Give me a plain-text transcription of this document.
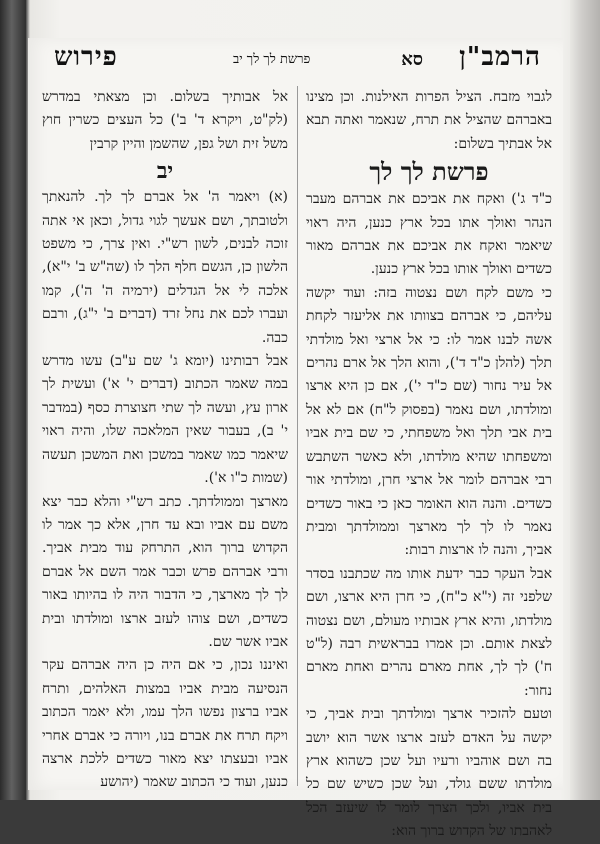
פירוש	פרשת לך לך יב	סא הרמב"ן

לגבוי מזבח. הציל הפרות האילנות. וכן מצינו באברהם שהציל את תרח, שנאמר ואתה תבא אל אבתיך בשלום:

פרשת לך לך

כ"ד ג') ואקח את אביכם את אברהם מעבר הנהר ואולך אתו בכל ארץ כנען, היה ראוי שיאמר ואקח את אביכם את אברהם מאור כשדים ואולך אותו בכל ארץ כנען.

כי משם לקח ושם נצטוה בזה: ועוד יקשה עליהם, כי אברהם בצוותו את אליעזר לקחת אשה לבנו אמר לו: כי אל ארצי ואל מולדתי תלך (להלן כ"ד ד'), והוא הלך אל ארם נהרים אל עיר נחור (שם כ"ד י'), אם כן היא ארצו ומולדתו, ושם נאמר (בפסוק ל"ח) אם לא אל בית אבי תלך ואל משפחתי, כי שם בית אביו ומשפחתו שהיא מולדתו, ולא כאשר השתבש רבי אברהם לומר אל ארצי חרן, ומולדתי אור כשדים. והנה הוא האומר כאן כי באור כשדים נאמר לו לך לך מארצך וממולדתך ומבית אביך, והנה לו ארצות רבות:

אבל העקר כבר ידעת אותו מה שכתבנו בסדר שלפני זה (י"א כ"ח), כי חרן היא ארצו, ושם מולדתו, והיא ארץ אבותיו מעולם, ושם נצטוה לצאת אותם. וכן אמרו בבראשית רבה (ל"ט ח') לך לך, אחת מארם נהרים ואחת מארם נחור:

וטעם להזכיר ארצך ומולדתך ובית אביך, כי יקשה על האדם לעזב ארצו אשר הוא יושב בה ושם אוהביו ורעיו ועל שכן כשהוא ארץ מולדתו ששם גולד, ועל שכן כשיש שם כל בית אביו, ולכך הצרך לומר לו שיעזב הכל לאהבתו של הקדוש ברוך הוא:

אל אבותיך בשלום. וכן מצאתי במדרש (לק"ט, ויקרא ד' ב') כל העצים כשרין חוץ משל זית ושל גפן, שהשמן והיין קרבין

יב

(א) ויאמר ה' אל אברם לך לך. להנאתך ולטובתך, ושם אעשך לגוי גדול, וכאן אי אתה זוכה לבנים, לשון רש"י. ואין צרך, כי משפט הלשון כן, הגשם חלף הלך לו (שה"ש ב' י"א), אלכה לי אל הגדלים (ירמיה ה' ה'), קמו ועברו לכם את נחל זרד (דברים ב' י"ג), ורבם כבה.

אבל רבותינו (יומא ג' שם ע"ב) עשו מדרש במה שאמר הכתוב (דברים י' א') ועשית לך ארון עץ, ועשה לך שתי חצוצרת כסף (במדבר י' ב), בעבור שאין המלאכה שלו, והיה ראוי שיאמר כמו שאמר במשכן ואת המשכן תעשה (שמות כ"ו א').

מארצך וממולדתך. כתב רש"י והלא כבר יצא משם עם אביו ובא עד חרן, אלא כך אמר לו הקדוש ברוך הוא, התרחק עוד מבית אביך. ורבי אברהם פרש וכבר אמר השם אל אברם לך לך מארצך, כי הדבור היה לו בהיותו באור כשדים, ושם צוהו לעזב ארצו ומולדתו ובית אביו אשר שם.

ואיננו נכון, כי אם היה כן היה אברהם עקר הנסיעה מבית אביו במצות האלהים, ותרח אביו ברצון נפשו הלך עמו, ולא יאמר הכתוב ויקח תרח את אברם בנו, ויורה כי אברם אחרי אביו ובעצתו יצא מאור כשדים ללכת ארצה כנען, ועוד כי הכתוב שאמר (יהושע
